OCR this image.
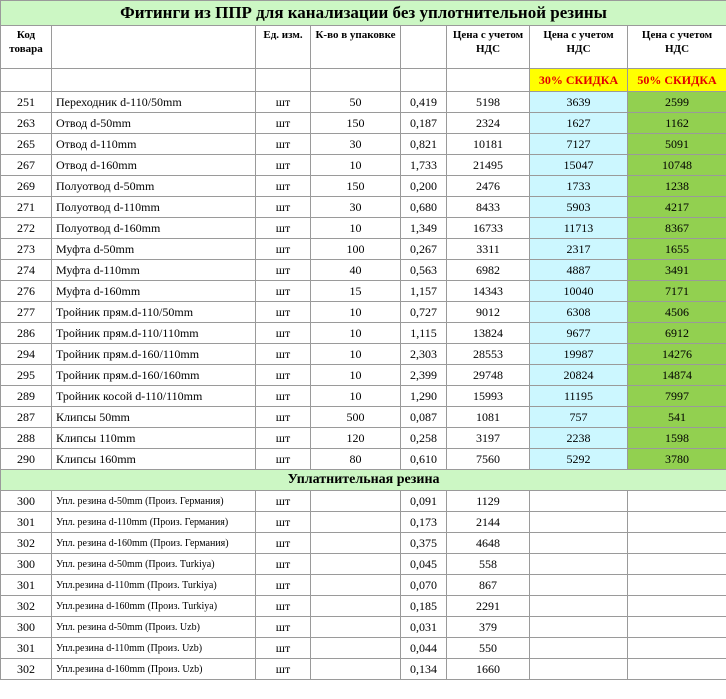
Фитинги из ППР для канализации без уплотнительной резины							
Код товара		Ед. изм.	К-во в упаковке		Цена с учетом НДС	Цена с учетом НДС	Цена с учетом НДС
						30% СКИДКА	50% СКИДКА
251	Переходник d-110/50mm	шт	50	0,419	5198	3639	2599
263	Отвод d-50mm	шт	150	0,187	2324	1627	1162
265	Отвод d-110mm	шт	30	0,821	10181	7127	5091
267	Отвод d-160mm	шт	10	1,733	21495	15047	10748
269	Полуотвод d-50mm	шт	150	0,200	2476	1733	1238
271	Полуотвод d-110mm	шт	30	0,680	8433	5903	4217
272	Полуотвод d-160mm	шт	10	1,349	16733	11713	8367
273	Муфта d-50mm	шт	100	0,267	3311	2317	1655
274	Муфта d-110mm	шт	40	0,563	6982	4887	3491
276	Муфта d-160mm	шт	15	1,157	14343	10040	7171
277	Тройник прям.d-110/50mm	шт	10	0,727	9012	6308	4506
286	Тройник прям.d-110/110mm	шт	10	1,115	13824	9677	6912
294	Тройник прям.d-160/110mm	шт	10	2,303	28553	19987	14276
295	Тройник прям.d-160/160mm	шт	10	2,399	29748	20824	14874
289	Тройник косой d-110/110mm	шт	10	1,290	15993	11195	7997
287	Клипсы 50mm	шт	500	0,087	1081	757	541
288	Клипсы 110mm	шт	120	0,258	3197	2238	1598
290	Клипсы 160mm	шт	80	0,610	7560	5292	3780
Уплатнительная резина							
300	Упл. резина d-50mm (Произ. Германия)	шт		0,091	1129		
301	Упл. резина d-110mm (Произ. Германия)	шт		0,173	2144		
302	Упл. резина d-160mm (Произ. Германия)	шт		0,375	4648		
300	Упл. резина d-50mm (Произ. Turkiya)	шт		0,045	558		
301	Упл.резина d-110mm (Произ. Turkiya)	шт		0,070	867		
302	Упл.резина d-160mm (Произ. Turkiya)	шт		0,185	2291		
300	Упл. резина d-50mm (Произ. Uzb)	шт		0,031	379		
301	Упл.резина d-110mm (Произ. Uzb)	шт		0,044	550		
302	Упл.резина d-160mm (Произ. Uzb)	шт		0,134	1660		
